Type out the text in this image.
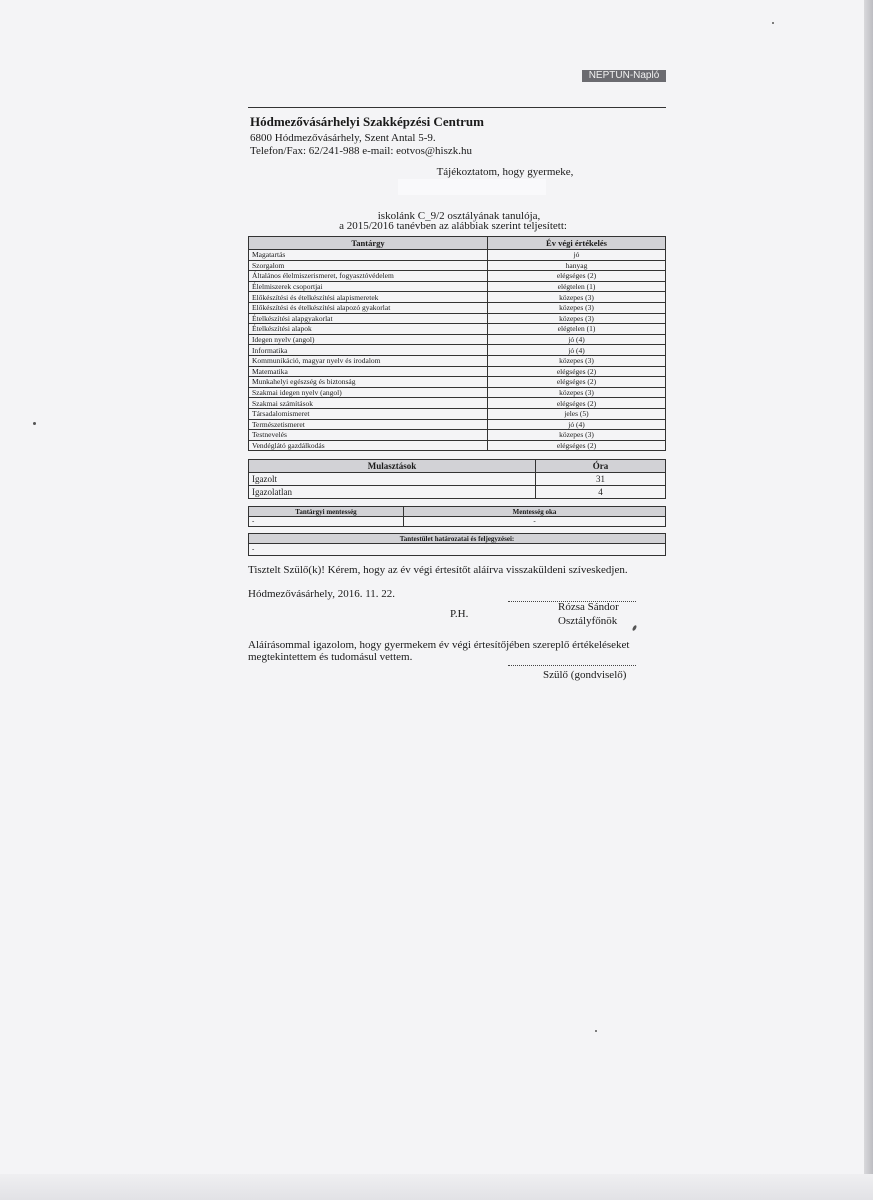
NEPTUN-Napló
Hódmezővásárhelyi Szakképzési Centrum
6800 Hódmezővásárhely, Szent Antal 5-9.
Telefon/Fax: 62/241-988 e-mail: eotvos@hiszk.hu
Tájékoztatom, hogy gyermeke,
iskolánk C_9/2 osztályának tanulója,
a 2015/2016 tanévben az alábbiak szerint teljesített:
Tantárgy	Év végi értékelés
Magatartás	jó
Szorgalom	hanyag
Általános élelmiszerismeret, fogyasztóvédelem	elégséges (2)
Élelmiszerek csoportjai	elégtelen (1)
Előkészítési és ételkészítési alapismeretek	közepes (3)
Előkészítési és ételkészítési alapozó gyakorlat	közepes (3)
Ételkészítési alapgyakorlat	közepes (3)
Ételkészítési alapok	elégtelen (1)
Idegen nyelv (angol)	jó (4)
Informatika	jó (4)
Kommunikáció, magyar nyelv és irodalom	közepes (3)
Matematika	elégséges (2)
Munkahelyi egészség és biztonság	elégséges (2)
Szakmai idegen nyelv (angol)	közepes (3)
Szakmai számítások	elégséges (2)
Társadalomismeret	jeles (5)
Természetismeret	jó (4)
Testnevelés	közepes (3)
Vendéglátó gazdálkodás	elégséges (2)
Mulasztások	Óra
Igazolt	31
Igazolatlan	4
Tantárgyi mentesség	Mentesség oka
-	-
Tantestület határozatai és feljegyzései:
-
Tisztelt Szülő(k)! Kérem, hogy az év végi értesítőt aláírva visszaküldeni szíveskedjen.
Hódmezővásárhely, 2016. 11. 22.
P.H.
Rózsa Sándor
Osztályfőnök
Aláírásommal igazolom, hogy gyermekem év végi értesítőjében szereplő értékeléseket
megtekintettem és tudomásul vettem.
Szülő (gondviselő)
